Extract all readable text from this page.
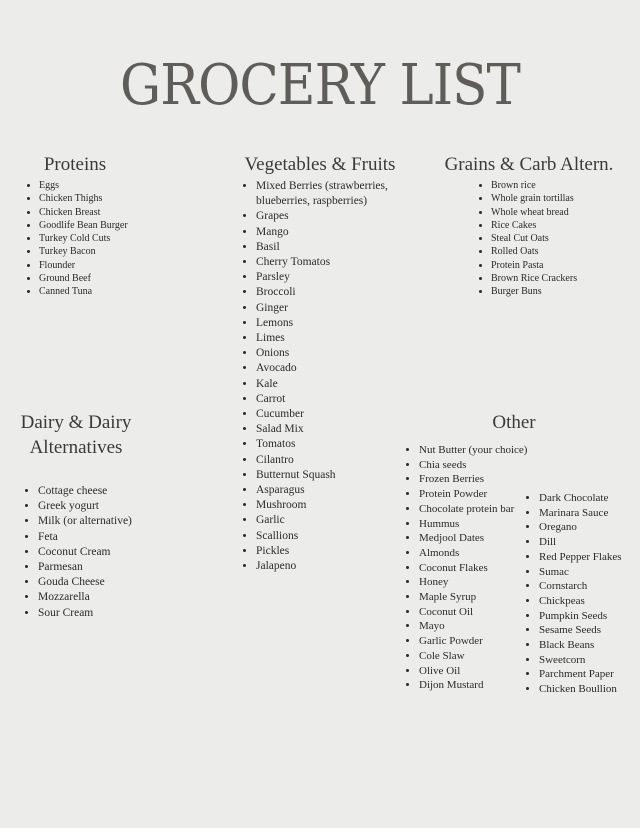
GROCERY LIST
Proteins
• Eggs
• Chicken Thighs
• Chicken Breast
• Goodlife Bean Burger
• Turkey Cold Cuts
• Turkey Bacon
• Flounder
• Ground Beef
• Canned Tuna
Vegetables & Fruits
• Mixed Berries (strawberries, blueberries, raspberries)
• Grapes
• Mango
• Basil
• Cherry Tomatos
• Parsley
• Broccoli
• Ginger
• Lemons
• Limes
• Onions
• Avocado
• Kale
• Carrot
• Cucumber
• Salad Mix
• Tomatos
• Cilantro
• Butternut Squash
• Asparagus
• Mushroom
• Garlic
• Scallions
• Pickles
• Jalapeno
Grains & Carb Altern.
• Brown rice
• Whole grain tortillas
• Whole wheat bread
• Rice Cakes
• Steal Cut Oats
• Rolled Oats
• Protein Pasta
• Brown Rice Crackers
• Burger Buns
Dairy & Dairy
Alternatives
• Cottage cheese
• Greek yogurt
• Milk (or alternative)
• Feta
• Coconut Cream
• Parmesan
• Gouda Cheese
• Mozzarella
• Sour Cream
Other
• Nut Butter (your choice)
• Chia seeds
• Frozen Berries
• Protein Powder
• Chocolate protein bar
• Hummus
• Medjool Dates
• Almonds
• Coconut Flakes
• Honey
• Maple Syrup
• Coconut Oil
• Mayo
• Garlic Powder
• Cole Slaw
• Olive Oil
• Dijon Mustard
• Dark Chocolate
• Marinara Sauce
• Oregano
• Dill
• Red Pepper Flakes
• Sumac
• Cornstarch
• Chickpeas
• Pumpkin Seeds
• Sesame Seeds
• Black Beans
• Sweetcorn
• Parchment Paper
• Chicken Boullion
